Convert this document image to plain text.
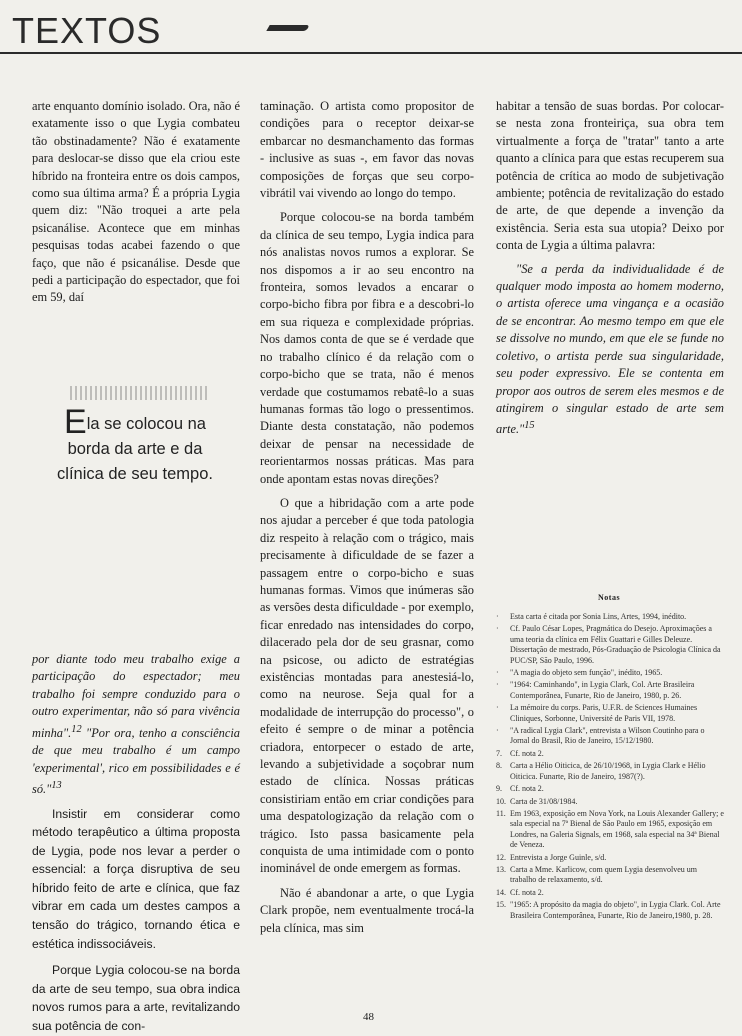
TEXTOS

arte enquanto domínio isolado. Ora, não é exatamente isso o que Lygia combateu tão obstinadamente? Não é exatamente para deslocar-se disso que ela criou este híbrido na fronteira entre os dois campos, como sua última arma? É a própria Lygia quem diz: "Não troquei a arte pela psicanálise. Acontece que em minhas pesquisas todas acabei fazendo o que faço, que não é psicanálise. Desde que pedi a participação do espectador, que foi em 59, daí

Ela se colocou na borda da arte e da clínica de seu tempo.

por diante todo meu trabalho exige a participação do espectador; meu trabalho foi sempre conduzido para o outro experimentar, não só para vivência minha".$^{12}$ "Por ora, tenho a consciência de que meu trabalho é um campo 'experimental', rico em possibilidades e é só."$^{13}$

Insistir em considerar como método terapêutico a última proposta de Lygia, pode nos levar a perder o essencial: a força disruptiva de seu híbrido feito de arte e clínica, que faz vibrar em cada um destes campos a tensão do trágico, tornando ética e estética indissociáveis.

Porque Lygia colocou-se na borda da arte de seu tempo, sua obra indica novos rumos para a arte, revitalizando sua potência de con-

taminação. O artista como propositor de condições para o receptor deixar-se embarcar no desmanchamento das formas - inclusive as suas -, em favor das novas composições de forças que seu corpo-vibrátil vai vivendo ao longo do tempo.

Porque colocou-se na borda também da clínica de seu tempo, Lygia indica para nós analistas novos rumos a explorar. Se nos dispomos a ir ao seu encontro na fronteira, somos levados a encarar o corpo-bicho fibra por fibra e a descobri-lo em sua riqueza e complexidade próprias. Nos damos conta de que se é verdade que no trabalho clínico é da relação com o corpo-bicho que se trata, não é menos verdade que costumamos rebatê-lo a suas humanas formas tão logo o pressentimos. Diante desta constatação, não podemos deixar de pensar na necessidade de reorientarmos nossas práticas. Mas para onde apontam estas novas direções?

O que a hibridação com a arte pode nos ajudar a perceber é que toda patologia diz respeito à relação com o trágico, mais precisamente à dificuldade de se fazer a passagem entre o corpo-bicho e suas humanas formas. Vimos que inúmeras são as versões desta dificuldade - por exemplo, ficar enredado nas intensidades do corpo, dilacerado pela dor de seu grasnar, como na psicose, ou adicto de estratégias existências montadas para anestesiá-lo, como na neurose. Seja qual for a modalidade de interrupção do processo", o efeito é sempre o de minar a potência criadora, entorpecer o estado de arte, levando a subjetividade a soçobrar num estado de clínica. Nossas práticas consistiriam então em criar condições para uma despatologização da relação com o trágico. Isto passa basicamente pela conquista de uma intimidade com o ponto inominável de onde emergem as formas.

Não é abandonar a arte, o que Lygia Clark propõe, nem eventualmente trocá-la pela clínica, mas sim

habitar a tensão de suas bordas. Por colocar-se nesta zona fronteiriça, sua obra tem virtualmente a força de "tratar" tanto a arte quanto a clínica para que estas recuperem sua potência de crítica ao modo de subjetivação ambiente; potência de revitalização do estado de arte, de que depende a invenção da existência. Seria esta sua utopia? Deixo por conta de Lygia a última palavra:

"Se a perda da individualidade é de qualquer modo imposta ao homem moderno, o artista oferece uma vingança e a ocasião de se encontrar. Ao mesmo tempo em que ele se dissolve no mundo, em que ele se funde no coletivo, o artista perde sua singularidade, seu poder expressivo. Ele se contenta em propor aos outros de serem eles mesmos e de atingirem o singular estado de arte sem arte."$^{15}$

Notas
·	Esta carta é citada por Sonia Lins, Artes, 1994, inédito.
·	Cf. Paulo César Lopes, Pragmática do Desejo. Aproximações a uma teoria da clínica em Félix Guattari e Gilles Deleuze. Dissertação de mestrado, Pós-Graduação de Psicologia Clínica da PUC/SP, São Paulo, 1996.
·	"A magia do objeto sem função", inédito, 1965.
·	"1964: Caminhando", in Lygia Clark, Col. Arte Brasileira Contemporânea, Funarte, Rio de Janeiro, 1980, p. 26.
·	La mémoire du corps. Paris, U.F.R. de Sciences Humaines Cliniques, Sorbonne, Université de Paris VII, 1978.
·	"A radical Lygia Clark", entrevista a Wilson Coutinho para o Jornal do Brasil, Rio de Janeiro, 15/12/1980.
7.	Cf. nota 2.
8.	Carta a Hélio Oiticica, de 26/10/1968, in Lygia Clark e Hélio Oiticica. Funarte, Rio de Janeiro, 1987(?).
9.	Cf. nota 2.
10. Carta de 31/08/1984.
11. Em 1963, exposição em Nova York, na Louis Alexander Gallery; e sala especial na 7ª Bienal de São Paulo em 1965, exposição em Londres, na Galeria Signals, em 1968, sala especial na 34ª Bienal de Veneza.
12. Entrevista a Jorge Guinle, s/d.
13. Carta a Mme. Karlicow, com quem Lygia desenvolveu um trabalho de relaxamento, s/d.
14. Cf. nota 2.
15. "1965: A propósito da magia do objeto", in Lygia Clark. Col. Arte Brasileira Contemporânea, Funarte, Rio de Janeiro,1980, p. 28.
48
